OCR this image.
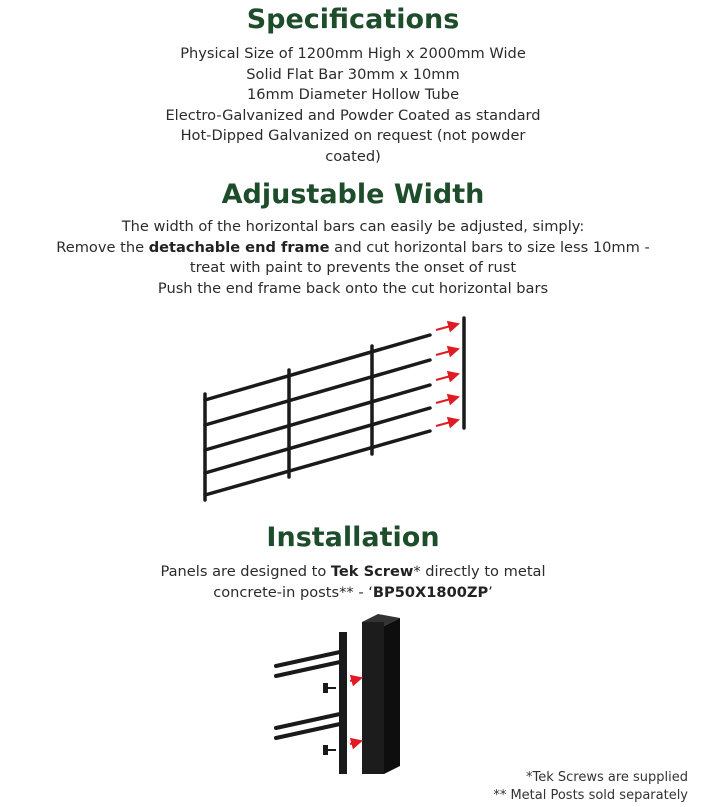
Specifications
Physical Size of 1200mm High x 2000mm Wide
Solid Flat Bar 30mm x 10mm
16mm Diameter Hollow Tube
Electro-Galvanized and Powder Coated as standard
Hot-Dipped Galvanized on request (not powder
coated)
Adjustable Width
The width of the horizontal bars can easily be adjusted, simply:
Remove the detachable end frame and cut horizontal bars to size less 10mm -
treat with paint to prevents the onset of rust
Push the end frame back onto the cut horizontal bars
Installation
Panels are designed to Tek Screw* directly to metal
concrete-in posts** - ‘BP50X1800ZP’
*Tek Screws are supplied
** Metal Posts sold separately
